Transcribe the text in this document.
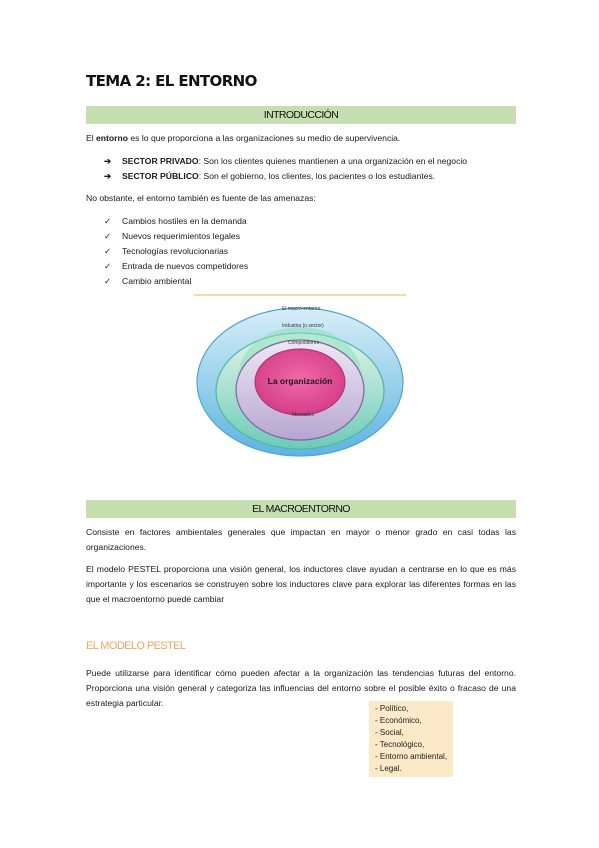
TEMA 2: EL ENTORNO
INTRODUCCIÓN

El entorno es lo que proporciona a las organizaciones su medio de supervivencia.

➔ SECTOR PRIVADO: Son los clientes quienes mantienen a una organización en el negocio
➔ SECTOR PÚBLICO: Son el gobierno, los clientes, los pacientes o los estudiantes.

No obstante, el entorno también es fuente de las amenazas:

✓ Cambios hostiles en la demanda
✓ Nuevos requerimientos legales
✓ Tecnologías revolucionarias
✓ Entrada de nuevos competidores
✓ Cambio ambiental
El macro-entorno
Industria (o sector)
Competidores
La organización
Mercados
EL MACROENTORNO

Consiste en factores ambientales generales que impactan en mayor o menor grado en casi todas las organizaciones.

El modelo PESTEL proporciona una visión general, los inductores clave ayudan a centrarse en lo que es más importante y los escenarios se construyen sobre los inductores clave para explorar las diferentes formas en las que el macroentorno puede cambiar

EL MODELO PESTEL

Puede utilizarse para identificar cómo pueden afectar a la organización las tendencias futuras del entorno. Proporciona una visión general y categoriza las influencias del entorno sobre el posible éxito o fracaso de una estrategia particular.

- Político,
- Económico,
- Social,
- Tecnológico,
- Entorno ambiental,
- Legal.
